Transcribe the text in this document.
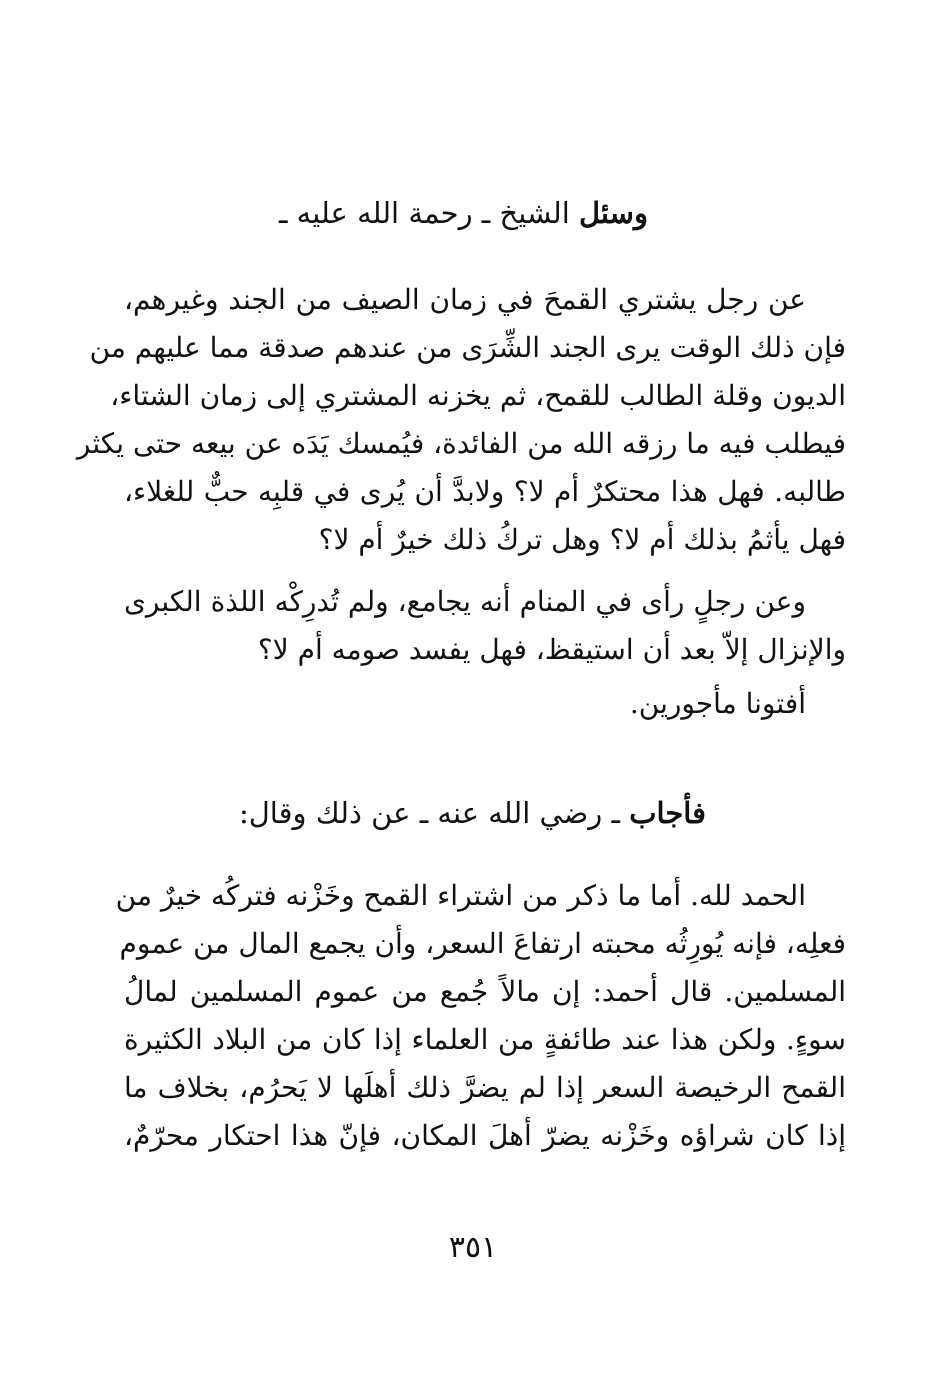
وسئل الشيخ ـ رحمة الله عليه ـ
عن رجل يشتري القمحَ في زمان الصيف من الجند وغيرهم،
فإن ذلك الوقت يرى الجند الشِّرَى من عندهم صدقة مما عليهم من
الديون وقلة الطالب للقمح، ثم يخزنه المشتري إلى زمان الشتاء،
فيطلب فيه ما رزقه الله من الفائدة، فيُمسك يَدَه عن بيعه حتى يكثر
طالبه. فهل هذا محتكرٌ أم لا؟ ولابدَّ أن يُرى في قلبِه حبٌّ للغلاء،
فهل يأثمُ بذلك أم لا؟ وهل تركُ ذلك خيرٌ أم لا؟
وعن رجلٍ رأى في المنام أنه يجامع، ولم تُدرِكْه اللذة الكبرى
والإنزال إلاّ بعد أن استيقظ، فهل يفسد صومه أم لا؟
أفتونا مأجورين.
فأجاب ـ رضي الله عنه ـ عن ذلك وقال:
الحمد لله. أما ما ذكر من اشتراء القمح وخَزْنه فتركُه خيرٌ من
فعلِه، فإنه يُورِثُه محبته ارتفاعَ السعر، وأن يجمع المال من عموم
المسلمين. قال أحمد: إن مالاً جُمع من عموم المسلمين لمالُ
سوءٍ. ولكن هذا عند طائفةٍ من العلماء إذا كان من البلاد الكثيرة
القمح الرخيصة السعر إذا لم يضرَّ ذلك أهلَها لا يَحرُم، بخلاف ما
إذا كان شراؤه وخَزْنه يضرّ أهلَ المكان، فإنّ هذا احتكار محرّمٌ،
٣٥١
